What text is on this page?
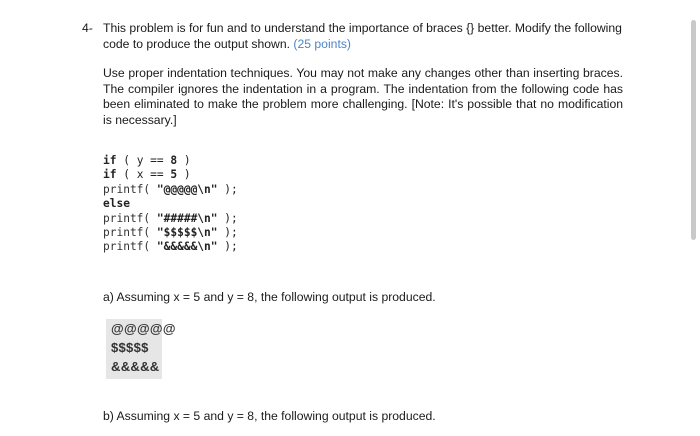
4- This problem is for fun and to understand the importance of braces {} better. Modify the following code to produce the output shown. (25 points)
Use proper indentation techniques. You may not make any changes other than inserting braces. The compiler ignores the indentation in a program. The indentation from the following code has been eliminated to make the problem more challenging. [Note: It's possible that no modification is necessary.]
if ( y == 8 )
if ( x == 5 )
printf( "@@@@@\n" );
else
printf( "#####\n" );
printf( "$$$$$\n" );
printf( "&&&&&\n" );
a) Assuming x = 5 and y = 8, the following output is produced.
@@@@@
$$$$$
&&&&&
b) Assuming x = 5 and y = 8, the following output is produced.
